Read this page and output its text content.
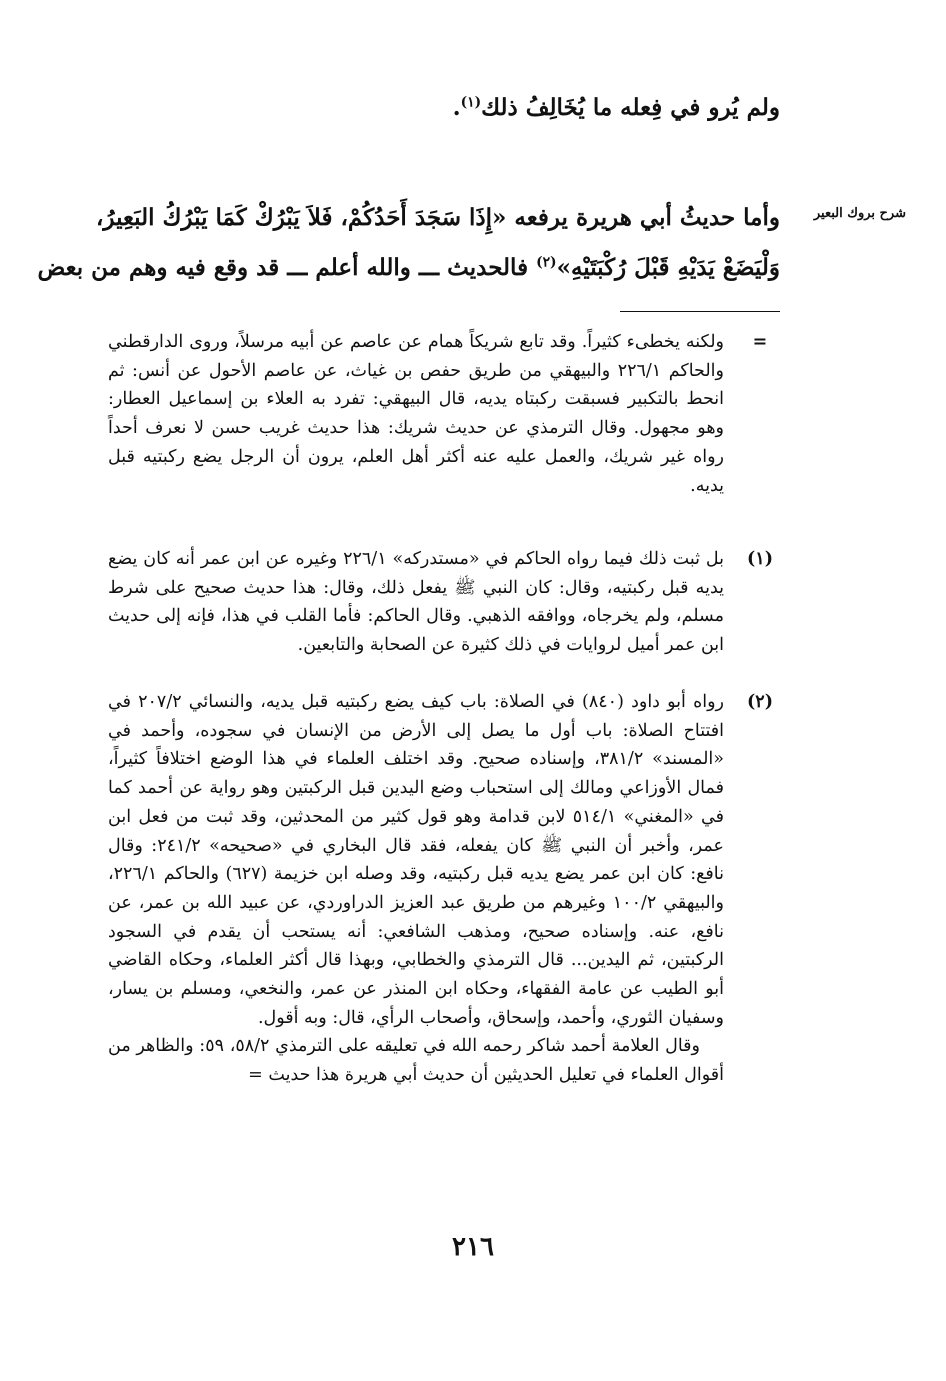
ولم يُرو في فِعله ما يُخَالِفُ ذلك$^{(١)}$.
شرح بروك البعير
وأما حديثُ أبي هريرة يرفعه «إِذَا سَجَدَ أَحَدُكُمْ، فَلاَ يَبْرُكْ كَمَا يَبْرُكُ البَعِيرُ،
وَلْيَضَعْ يَدَيْهِ قَبْلَ رُكْبَتَيْهِ»$^{(٢)}$ فالحديث ـــ والله أعلم ـــ قد وقع فيه وهم من بعض
=
ولكنه يخطىء كثيراً. وقد تابع شريكاً همام عن عاصم عن أبيه مرسلاً، وروى الدارقطني والحاكم ٢٢٦/١ والبيهقي من طريق حفص بن غياث، عن عاصم الأحول عن أنس: ثم انحط بالتكبير فسبقت ركبتاه يديه، قال البيهقي: تفرد به العلاء بن إسماعيل العطار: وهو مجهول. وقال الترمذي عن حديث شريك: هذا حديث غريب حسن لا نعرف أحداً رواه غير شريك، والعمل عليه عنه أكثر أهل العلم، يرون أن الرجل يضع ركبتيه قبل يديه.
(١)
بل ثبت ذلك فيما رواه الحاكم في «مستدركه» ٢٢٦/١ وغيره عن ابن عمر أنه كان يضع يديه قبل ركبتيه، وقال: كان النبي ﷺ يفعل ذلك، وقال: هذا حديث صحيح على شرط مسلم، ولم يخرجاه، ووافقه الذهبي. وقال الحاكم: فأما القلب في هذا، فإنه إلى حديث ابن عمر أميل لروايات في ذلك كثيرة عن الصحابة والتابعين.
(٢)
رواه أبو داود (٨٤٠) في الصلاة: باب كيف يضع ركبتيه قبل يديه، والنسائي ٢٠٧/٢ في افتتاح الصلاة: باب أول ما يصل إلى الأرض من الإنسان في سجوده، وأحمد في «المسند» ٣٨١/٢، وإسناده صحيح. وقد اختلف العلماء في هذا الوضع اختلافاً كثيراً، فمال الأوزاعي ومالك إلى استحباب وضع اليدين قبل الركبتين وهو رواية عن أحمد كما في «المغني» ٥١٤/١ لابن قدامة وهو قول كثير من المحدثين، وقد ثبت من فعل ابن عمر، وأخبر أن النبي ﷺ كان يفعله، فقد قال البخاري في «صحيحه» ٢٤١/٢: وقال نافع: كان ابن عمر يضع يديه قبل ركبتيه، وقد وصله ابن خزيمة (٦٢٧) والحاكم ٢٢٦/١، والبيهقي ١٠٠/٢ وغيرهم من طريق عبد العزيز الدراوردي، عن عبيد الله بن عمر، عن نافع، عنه. وإسناده صحيح، ومذهب الشافعي: أنه يستحب أن يقدم في السجود الركبتين، ثم اليدين... قال الترمذي والخطابي، وبهذا قال أكثر العلماء، وحكاه القاضي أبو الطيب عن عامة الفقهاء، وحكاه ابن المنذر عن عمر، والنخعي، ومسلم بن يسار، وسفيان الثوري، وأحمد، وإسحاق، وأصحاب الرأي، قال: وبه أقول.
وقال العلامة أحمد شاكر رحمه الله في تعليقه على الترمذي ٥٨/٢، ٥٩: والظاهر من أقوال العلماء في تعليل الحديثين أن حديث أبي هريرة هذا حديث =
٢١٦
